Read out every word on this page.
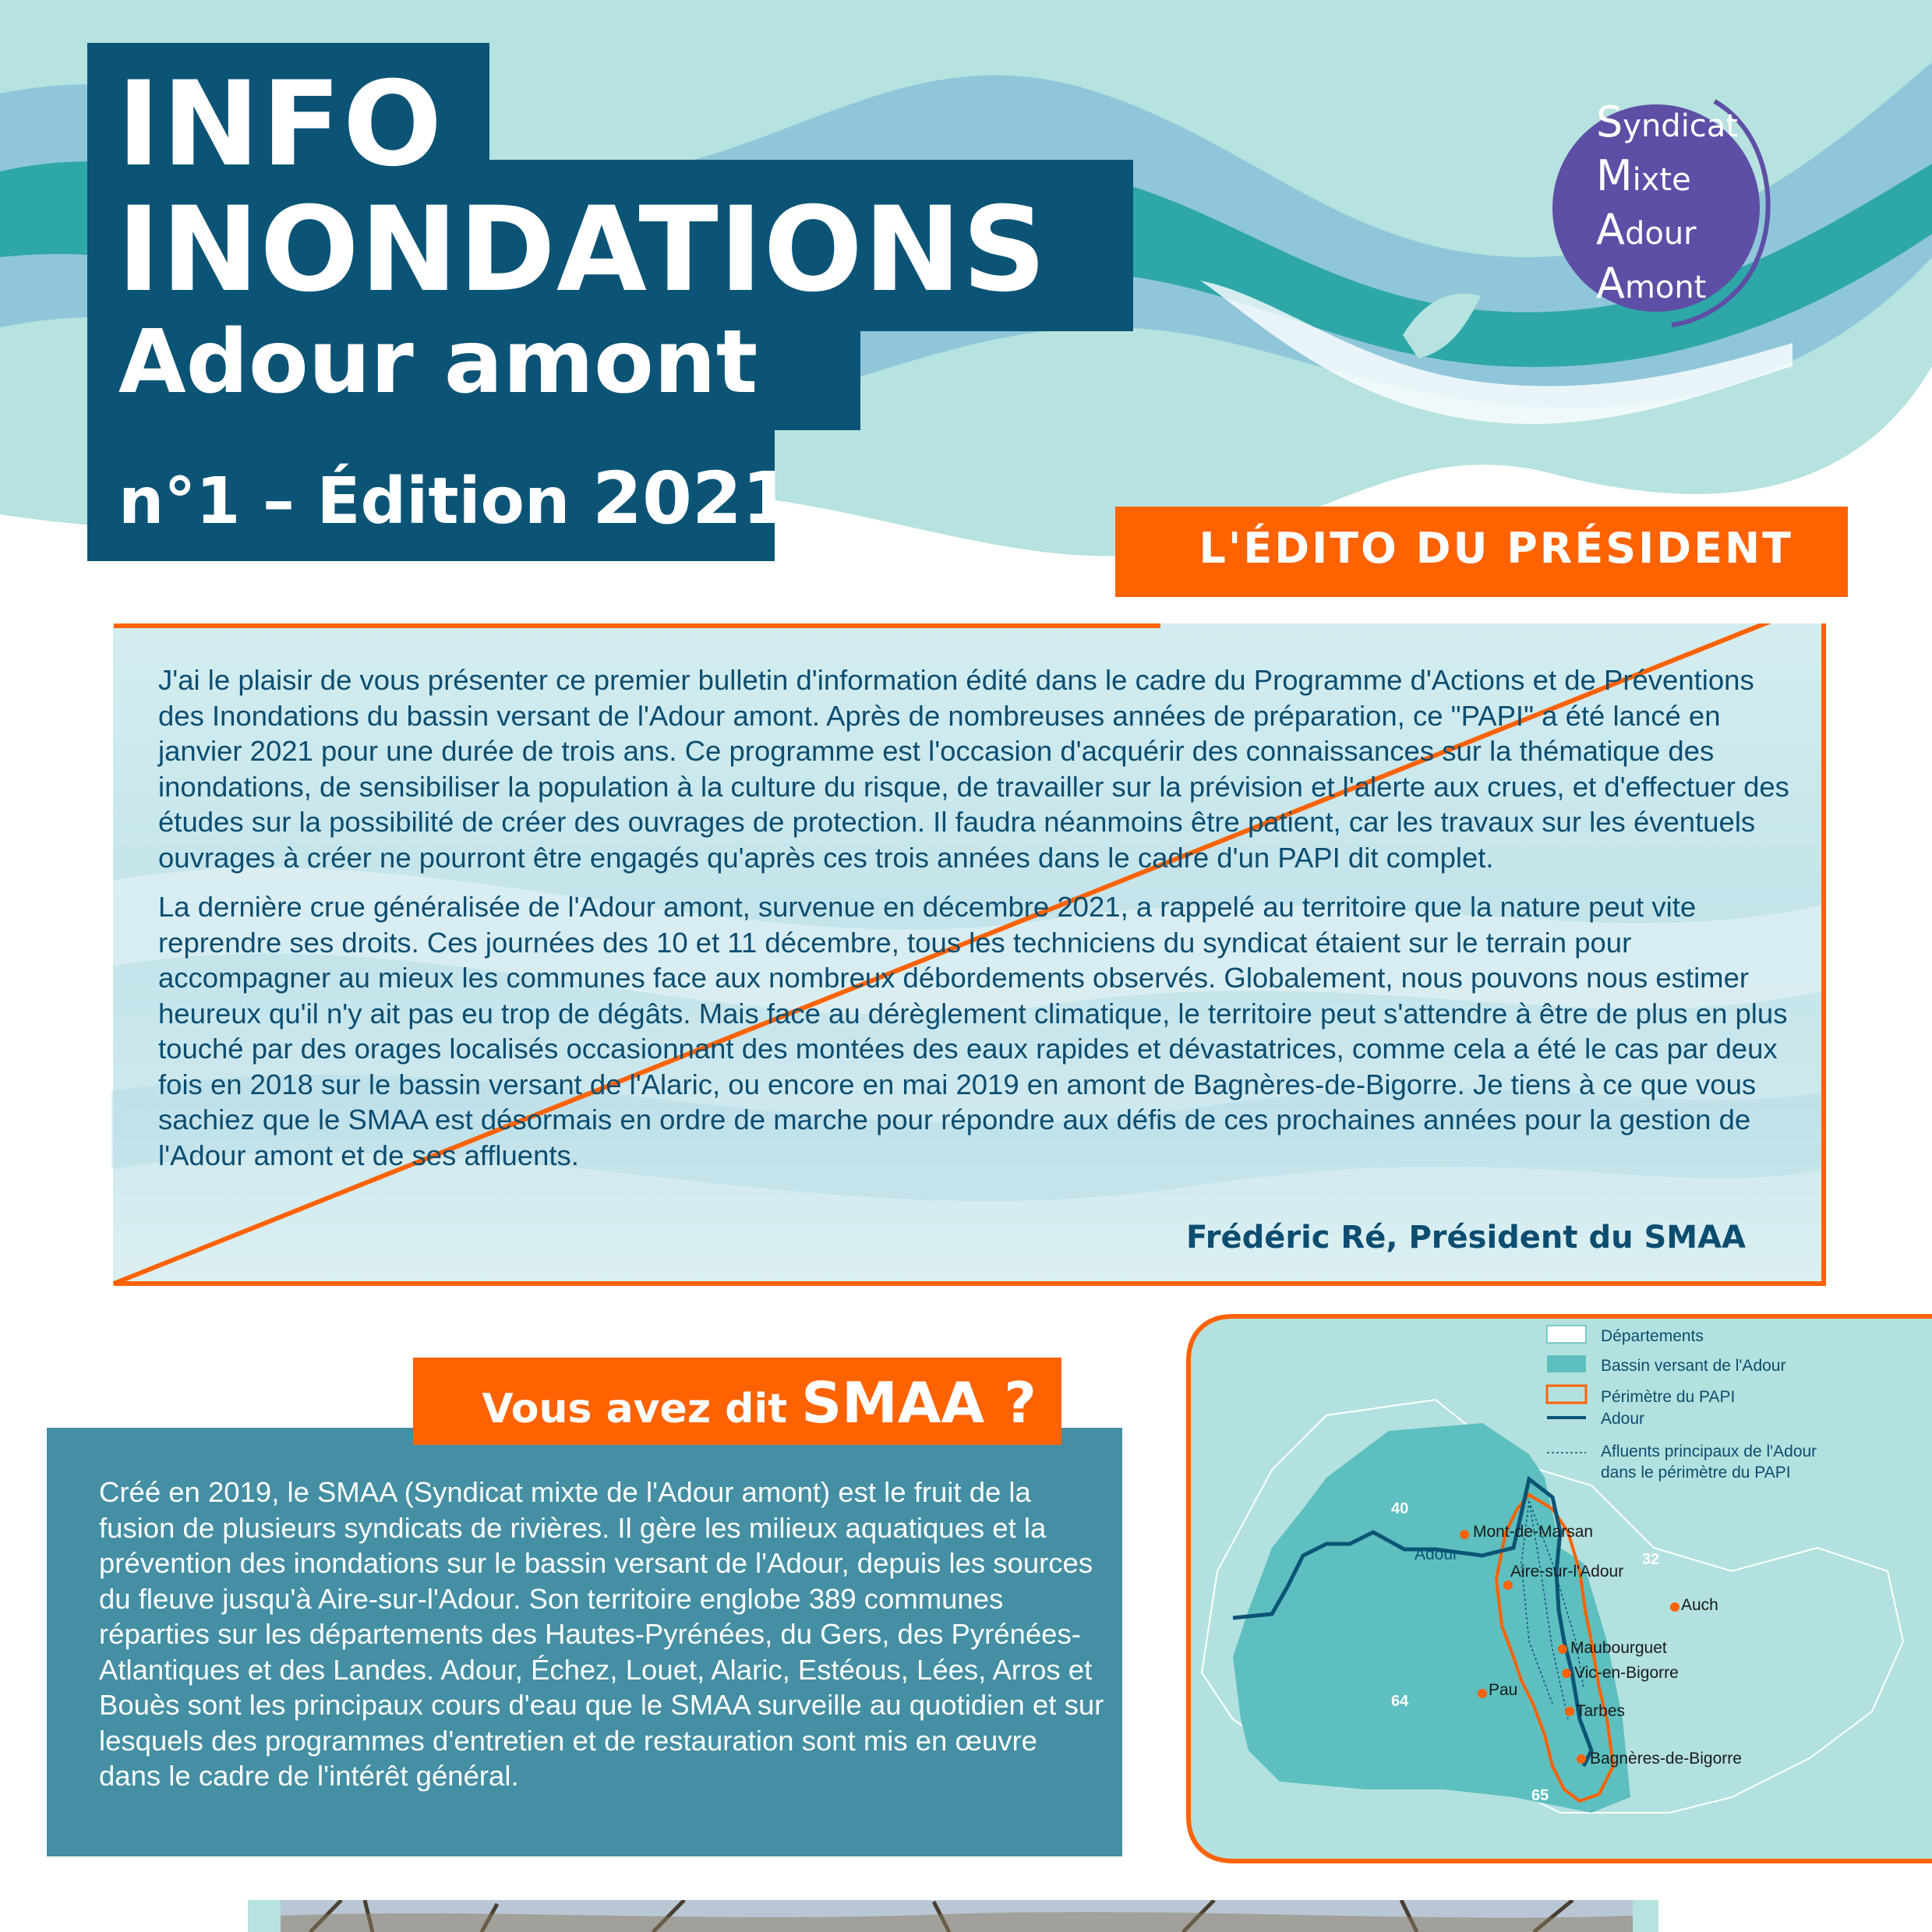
INFO
INONDATIONS
Adour amont
n°1 – Édition 2021
Syndicat
Mixte
Adour
Amont
L'ÉDITO DU PRÉSIDENT

J'ai le plaisir de vous présenter ce premier bulletin d'information édité dans le cadre du Programme d'Actions et de Préventions des Inondations du bassin versant de l'Adour amont. Après de nombreuses années de préparation, ce "PAPI" a été lancé en janvier 2021 pour une durée de trois ans. Ce programme est l'occasion d'acquérir des connaissances sur la thématique des inondations, de sensibiliser la population à la culture du risque, de travailler sur la prévision et l'alerte aux crues, et d'effectuer des études sur la possibilité de créer des ouvrages de protection. Il faudra néanmoins être patient, car les travaux sur les éventuels ouvrages à créer ne pourront être engagés qu'après ces trois années dans le cadre d'un PAPI dit complet.

La dernière crue généralisée de l'Adour amont, survenue en décembre 2021, a rappelé au territoire que la nature peut vite reprendre ses droits. Ces journées des 10 et 11 décembre, tous les techniciens du syndicat étaient sur le terrain pour accompagner au mieux les communes face aux nombreux débordements observés. Globalement, nous pouvons nous estimer heureux qu'il n'y ait pas eu trop de dégâts. Mais face au dérèglement climatique, le territoire peut s'attendre à être de plus en plus touché par des orages localisés occasionnant des montées des eaux rapides et dévastatrices, comme cela a été le cas par deux fois en 2018 sur le bassin versant de l'Alaric, ou encore en mai 2019 en amont de Bagnères-de-Bigorre. Je tiens à ce que vous sachiez que le SMAA est désormais en ordre de marche pour répondre aux défis de ces prochaines années pour la gestion de l'Adour amont et de ses affluents.

Frédéric Ré, Président du SMAA
Vous avez dit SMAA ?
Créé en 2019, le SMAA (Syndicat mixte de l'Adour amont) est le fruit de la fusion de plusieurs syndicats de rivières. Il gère les milieux aquatiques et la prévention des inondations sur le bassin versant de l'Adour, depuis les sources du fleuve jusqu'à Aire-sur-l'Adour. Son territoire englobe 389 communes réparties sur les départements des Hautes-Pyrénées, du Gers, des Pyrénées-Atlantiques et des Landes. Adour, Échez, Louet, Alaric, Estéous, Lées, Arros et Bouès sont les principaux cours d'eau que le SMAA surveille au quotidien et sur lesquels des programmes d'entretien et de restauration sont mis en œuvre dans le cadre de l'intérêt général.
Départements
Bassin versant de l'Adour
Périmètre du PAPI
Adour
Afluents principaux de l'Adour
dans le périmètre du PAPI
Adour
40
32
64
65
Mont-de-Marsan
Aire-sur-l'Adour
Auch
Maubourguet
Vic-en-Bigorre
Pau
Tarbes
Bagnères-de-Bigorre
